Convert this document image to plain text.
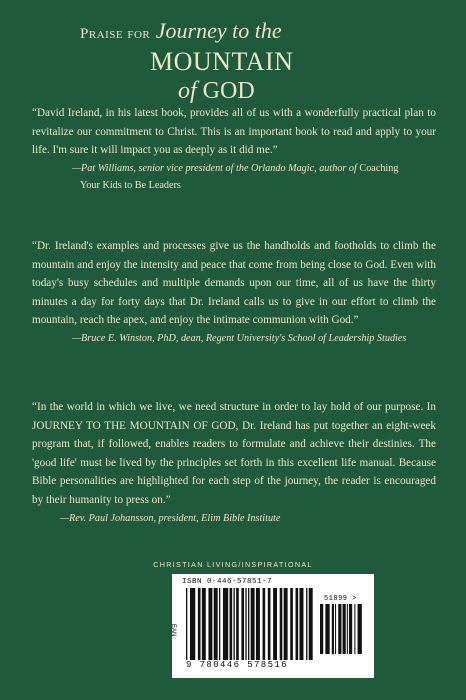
Praise for Journey to the
MOUNTAIN
of GOD

“David Ireland, in his latest book, provides all of us with a wonderfully practical plan to revitalize our commitment to Christ. This is an important book to read and apply to your life. I'm sure it will impact you as deeply as it did me.”

—Pat Williams, senior vice president of the Orlando Magic, author of Coaching
Your Kids to Be Leaders

“Dr. Ireland's examples and processes give us the handholds and footholds to climb the mountain and enjoy the intensity and peace that come from being close to God. Even with today's busy schedules and multiple demands upon our time, all of us have the thirty minutes a day for forty days that Dr. Ireland calls us to give in our effort to climb the mountain, reach the apex, and enjoy the intimate communion with God.”

—Bruce E. Winston, PhD, dean, Regent University's School of Leadership Studies

“In the world in which we live, we need structure in order to lay hold of our purpose. In JOURNEY TO THE MOUNTAIN OF GOD, Dr. Ireland has put together an eight-week program that, if followed, enables readers to formulate and achieve their destinies. The 'good life' must be lived by the principles set forth in this excellent life manual. Because Bible personalities are highlighted for each step of the journey, the reader is encouraged by their humanity to press on.”

—Rev. Paul Johansson, president, Elim Bible Institute
CHRISTIAN LIVING/INSPIRATIONAL
ISBN 0-446-57851-7
51899 >
EAN
9 780446 578516
